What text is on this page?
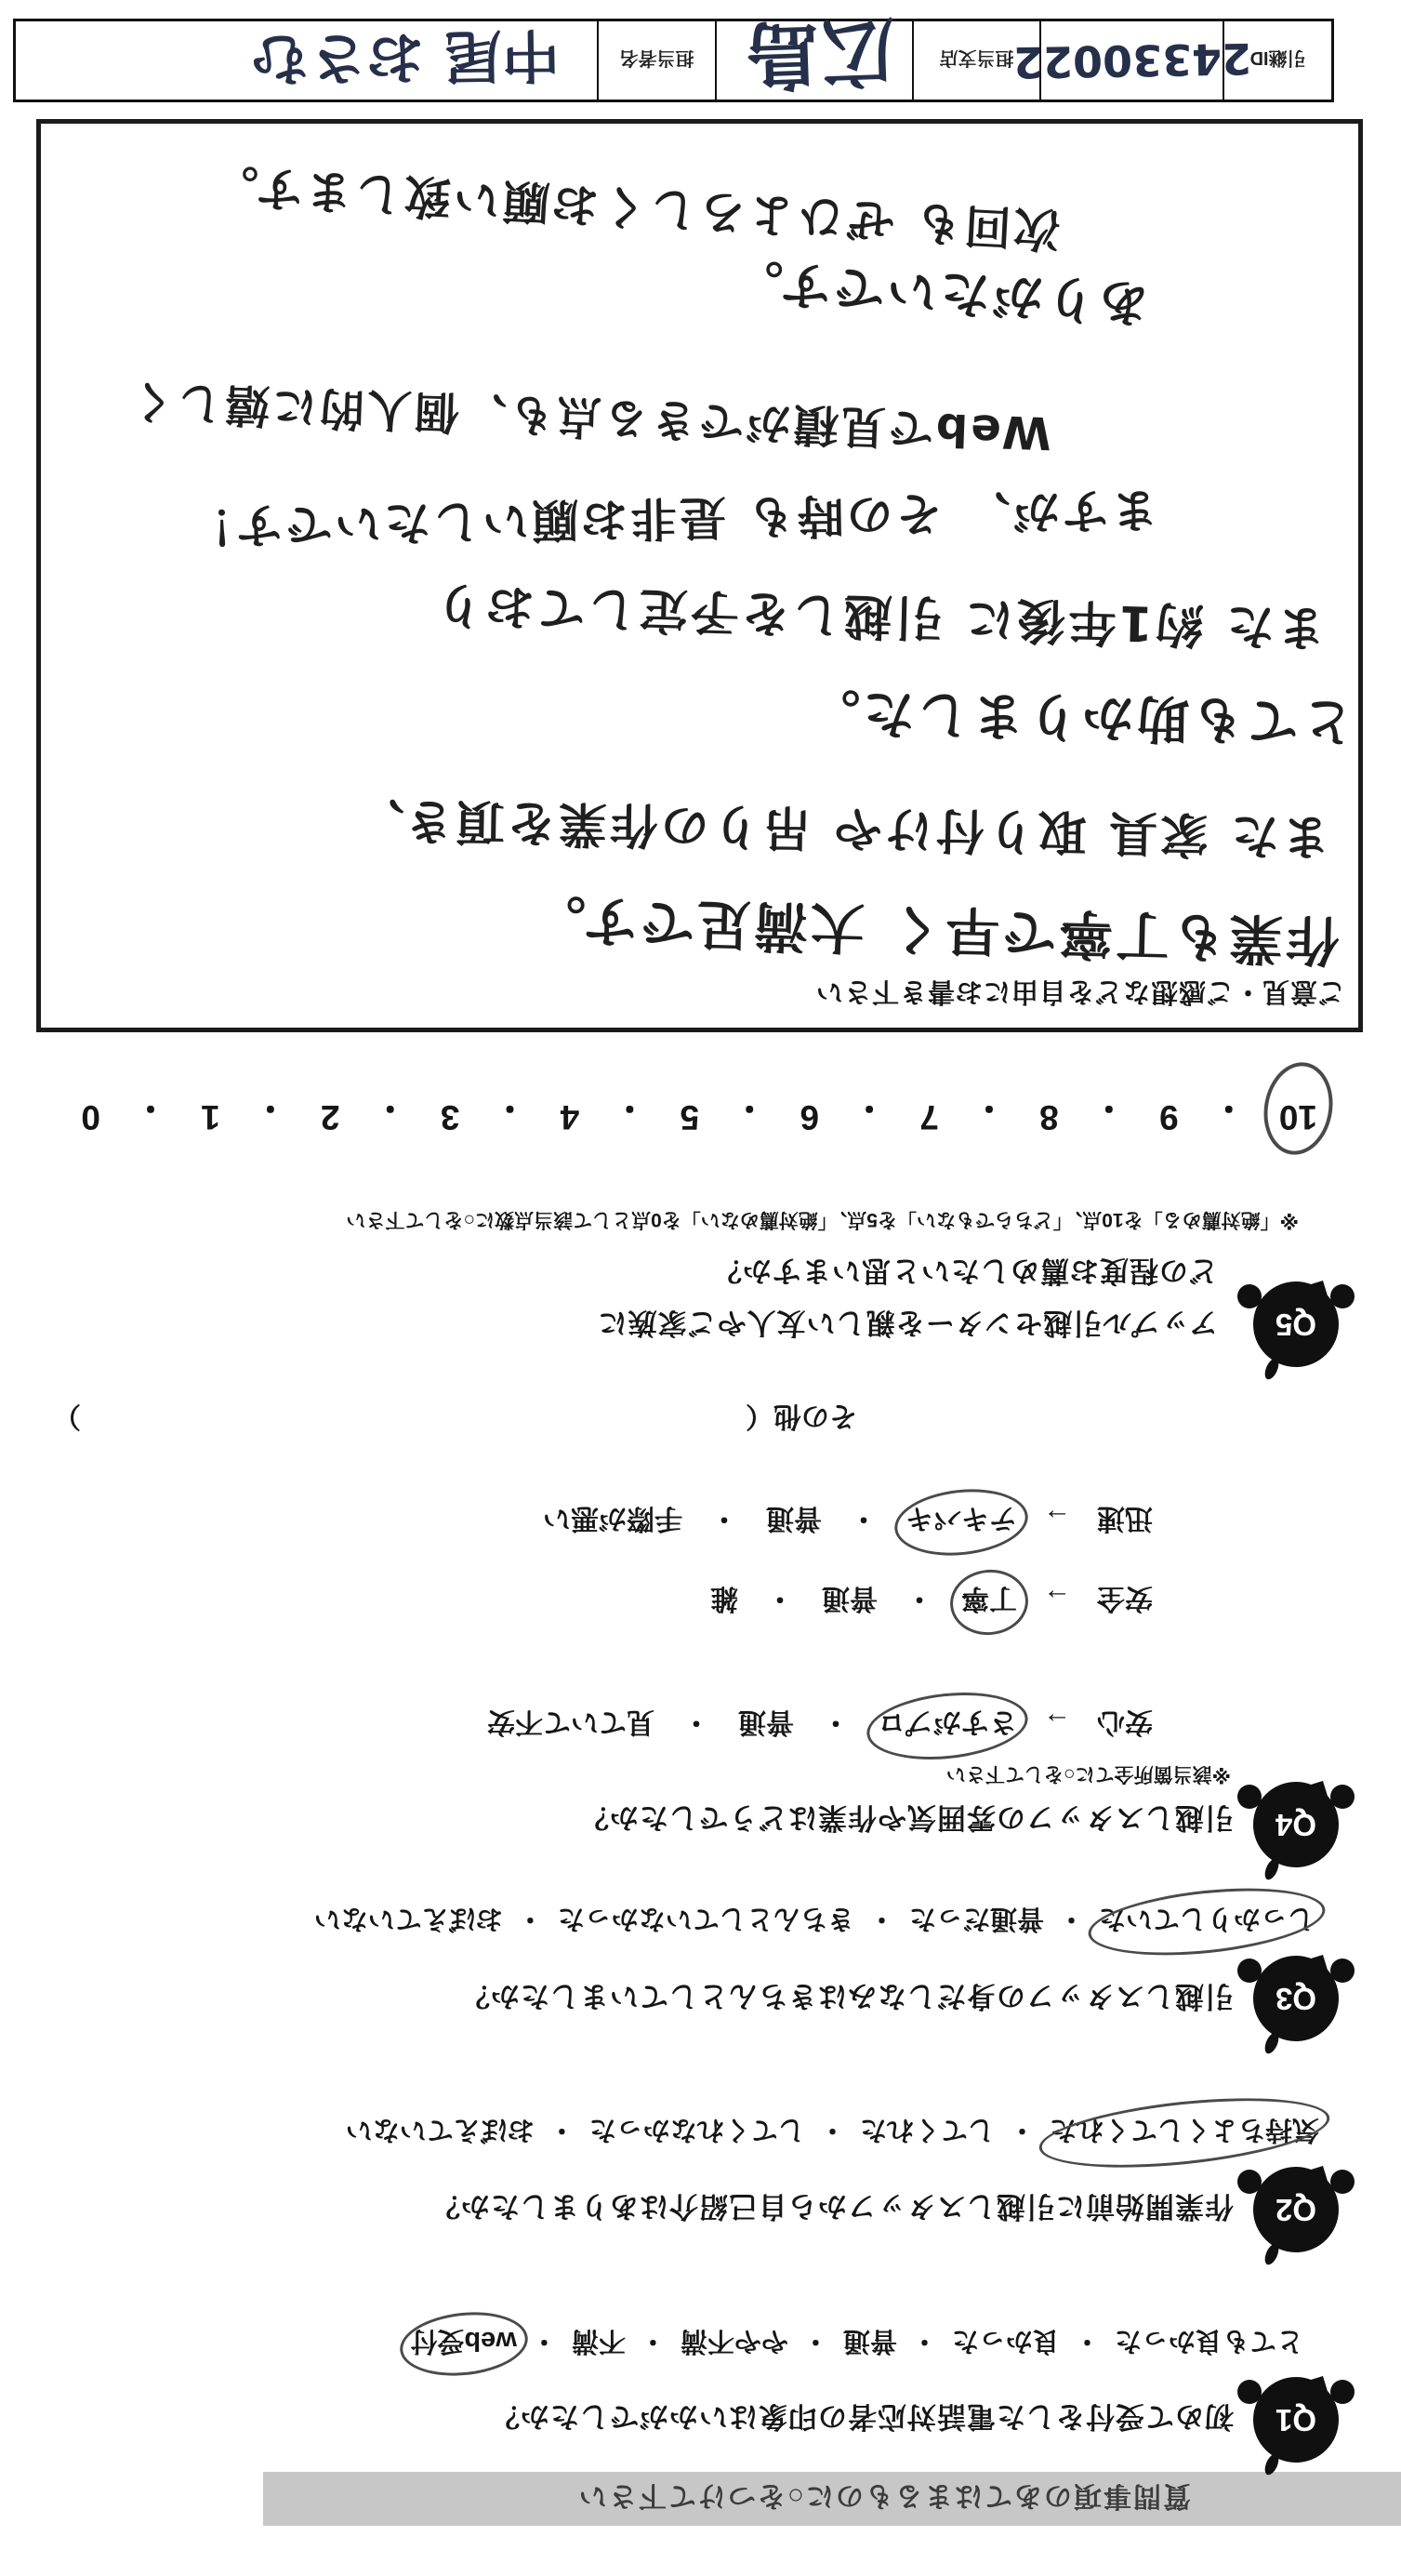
質問事項のあてはまるものに○をつけて下さい
Q1
初めて受付をした電話対応者の印象はいかがでしたか？
とても良かった・良かった・普通・やや不満・不満・web受付
Q2
作業開始前に引越しスタッフから自己紹介はありましたか？
気持ちよくしてくれた・してくれた・してくれなかった・おぼえていない
Q3
引越しスタッフの身だしなみはきちんとしていましたか？
しっかりしていた・普通だった・きちんとしていなかった・おぼえていない
Q4
引越しスタッフの雰囲気や作業はどうでしたか？
※該当箇所全てに○をして下さい
安心→さすがプロ・普通・見ていて不安
安全→丁寧・普通・雑
迅速→テキパキ・普通・手際が悪い
その他（
）
Q5
アップル引越センターを親しい友人やご家族に
どの程度お薦めしたいと思いますか？
※「絶対薦める」を10点、「どちらでもない」を5点、「絶対薦めない」を0点として該当点数に○をして下さい
10
・
9
・
8
・
7
・
6
・
5
・
4
・
3
・
2
・
1
・
0
ご意見・ご感想などを自由にお書き下さい
作業も丁寧で早く 大満足です。
また 家具 取り付けや 吊りの作業を頂き、
とても助かりました。
また 約1年後に 引越しを予定しており
ますが、 その時も 是非お願いしたいです！
Webで見積ができる点も、個人的に嬉しく
ありがたいです。
次回も ぜひよろしくお願い致します。
引継ID
24330022
担当支店
広島
担当者名
中尾 おさむ
